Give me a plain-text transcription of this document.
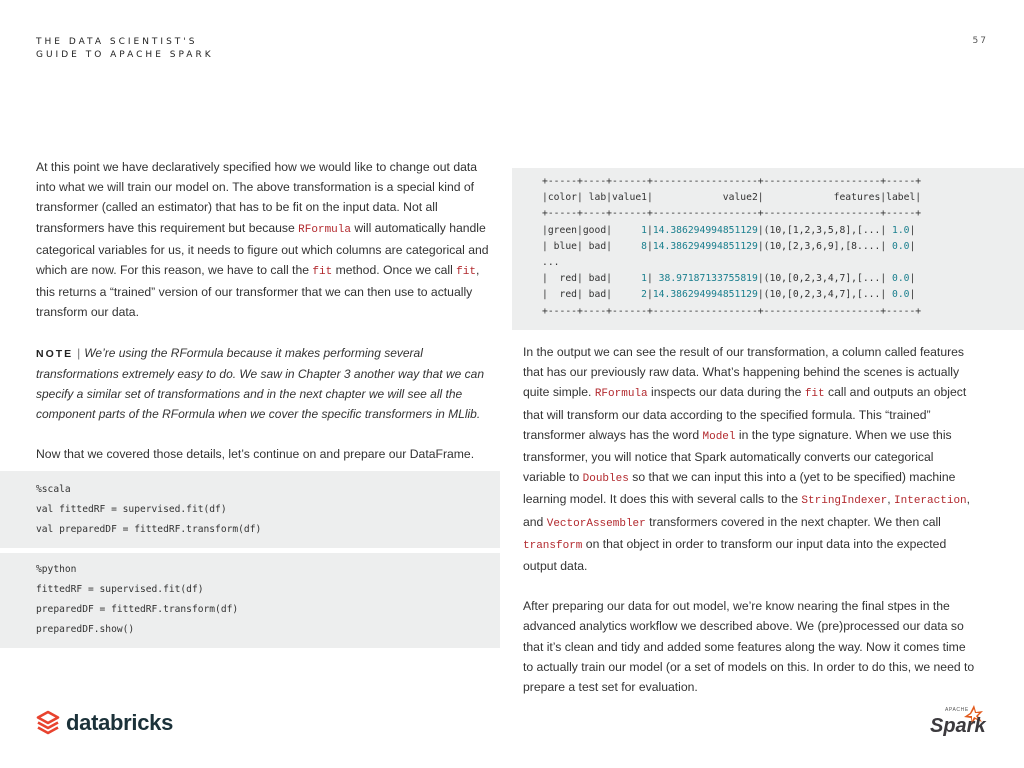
THE DATA SCIENTIST'S
GUIDE TO APACHE SPARK
57

At this point we have declaratively specified how we would like to change out data into what we will train our model on. The above transformation is a special kind of transformer (called an estimator) that has to be fit on the input data. Not all transformers have this requirement but because RFormula will automatically handle categorical variables for us, it needs to figure out which columns are categorical and which are now. For this reason, we have to call the fit method. Once we call fit, this returns a “trained” version of our transformer that we can then use to actually transform our data.

NOTE | We’re using the RFormula because it makes performing several transformations extremely easy to do. We saw in Chapter 3 another way that we can specify a similar set of transformations and in the next chapter we will see all the component parts of the RFormula when we cover the specific transformers in MLlib.

Now that we covered those details, let’s continue on and prepare our DataFrame.

%scala
val fittedRF = supervised.fit(df)
val preparedDF = fittedRF.transform(df)
%python
fittedRF = supervised.fit(df)
preparedDF = fittedRF.transform(df)
preparedDF.show()
+-----+----+------+------------------+--------------------+-----+
|color| lab|value1|            value2|            features|label|
+-----+----+------+------------------+--------------------+-----+
|green|good|     1|14.386294994851129|(10,[1,2,3,5,8],[...| 1.0|
| blue| bad|     8|14.386294994851129|(10,[2,3,6,9],[8....| 0.0|
...
|  red| bad|     1| 38.97187133755819|(10,[0,2,3,4,7],[...| 0.0|
|  red| bad|     2|14.386294994851129|(10,[0,2,3,4,7],[...| 0.0|
+-----+----+------+------------------+--------------------+-----+

In the output we can see the result of our transformation, a column called features that has our previously raw data. What’s happening behind the scenes is actually quite simple. RFormula inspects our data during the fit call and outputs an object that will transform our data according to the specified formula. This “trained” transformer always has the word Model in the type signature. When we use this transformer, you will notice that Spark automatically converts our categorical variable to Doubles so that we can input this into a (yet to be specified) machine learning model. It does this with several calls to the StringIndexer, Interaction, and VectorAssembler transformers covered in the next chapter. We then call transform on that object in order to transform our input data into the expected output data.

After preparing our data for out model, we’re know nearing the final stpes in the advanced analytics workflow we described above. We (pre)processed our data so that it’s clean and tidy and added some features along the way. Now it comes time to actually train our model (or a set of models on this. In order to do this, we need to prepare a test set for evaluation.

databricks	APACHE
Spark
